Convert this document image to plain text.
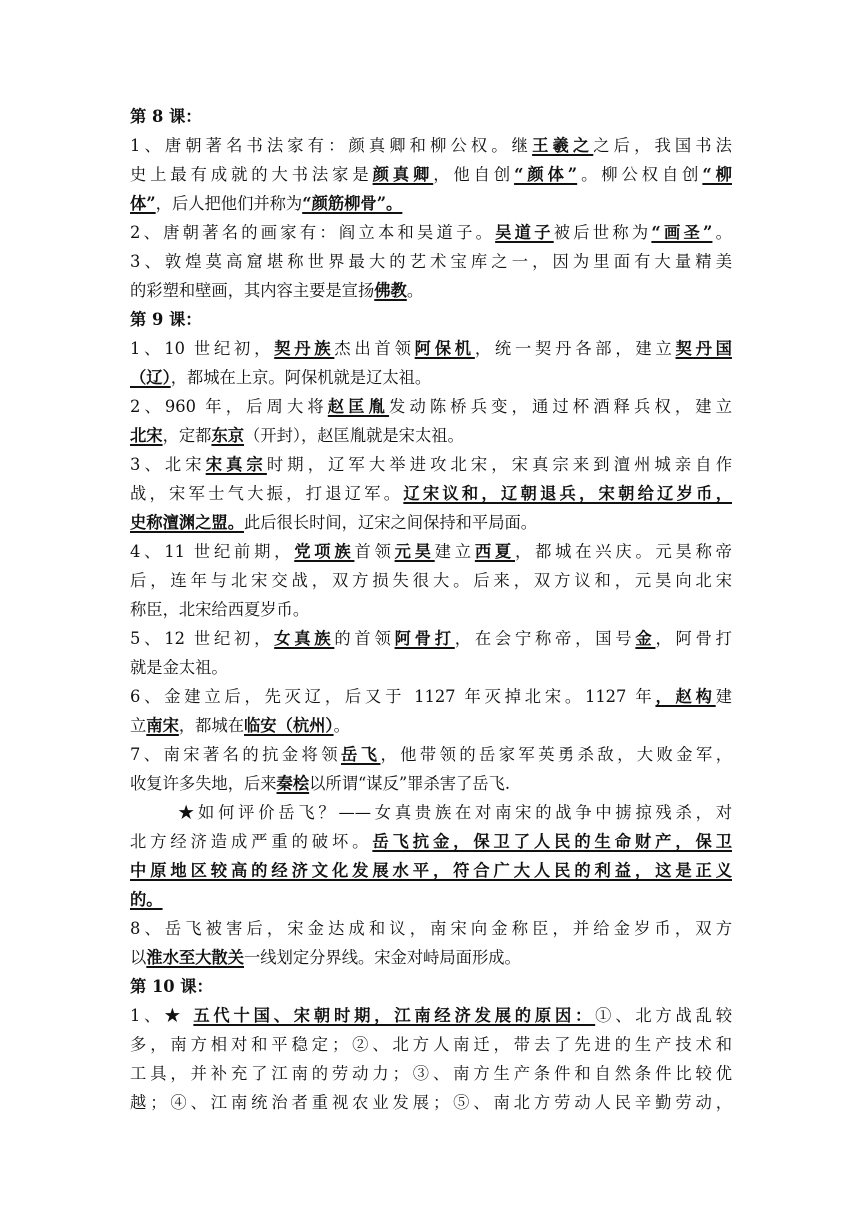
第 8 课：
1、唐朝著名书法家有：颜真卿和柳公权。继王羲之之后，我国书法
史上最有成就的大书法家是颜真卿，他自创“颜体”。柳公权自创“柳
体”，后人把他们并称为“颜筋柳骨”。
2、唐朝著名的画家有：阎立本和吴道子。吴道子被后世称为“画圣”。
3、敦煌莫高窟堪称世界最大的艺术宝库之一，因为里面有大量精美
的彩塑和壁画，其内容主要是宣扬佛教。
第 9 课：
1、10 世纪初，契丹族杰出首领阿保机，统一契丹各部，建立契丹国
（辽），都城在上京。阿保机就是辽太祖。
2、960 年，后周大将赵匡胤发动陈桥兵变，通过杯酒释兵权，建立
北宋，定都东京（开封），赵匡胤就是宋太祖。
3、北宋宋真宗时期，辽军大举进攻北宋，宋真宗来到澶州城亲自作
战，宋军士气大振，打退辽军。辽宋议和，辽朝退兵，宋朝给辽岁币，
史称澶渊之盟。此后很长时间，辽宋之间保持和平局面。
4、11 世纪前期，党项族首领元昊建立西夏，都城在兴庆。元昊称帝
后，连年与北宋交战，双方损失很大。后来，双方议和，元昊向北宋
称臣，北宋给西夏岁币。
5、12 世纪初，女真族的首领阿骨打，在会宁称帝，国号金，阿骨打
就是金太祖。
6、金建立后，先灭辽，后又于 1127 年灭掉北宋。1127 年，赵构建
立南宋，都城在临安（杭州）。
7、南宋著名的抗金将领岳飞，他带领的岳家军英勇杀敌，大败金军，
收复许多失地，后来秦桧以所谓“谋反”罪杀害了岳飞.
★如何评价岳飞？——女真贵族在对南宋的战争中掳掠残杀，对
北方经济造成严重的破坏。岳飞抗金，保卫了人民的生命财产，保卫
中原地区较高的经济文化发展水平，符合广大人民的利益，这是正义
的。
8、岳飞被害后，宋金达成和议，南宋向金称臣，并给金岁币，双方
以淮水至大散关一线划定分界线。宋金对峙局面形成。
第 10 课：
1、★ 五代十国、宋朝时期，江南经济发展的原因：①、北方战乱较
多，南方相对和平稳定；②、北方人南迁，带去了先进的生产技术和
工具，并补充了江南的劳动力；③、南方生产条件和自然条件比较优
越；④、江南统治者重视农业发展；⑤、南北方劳动人民辛勤劳动，
